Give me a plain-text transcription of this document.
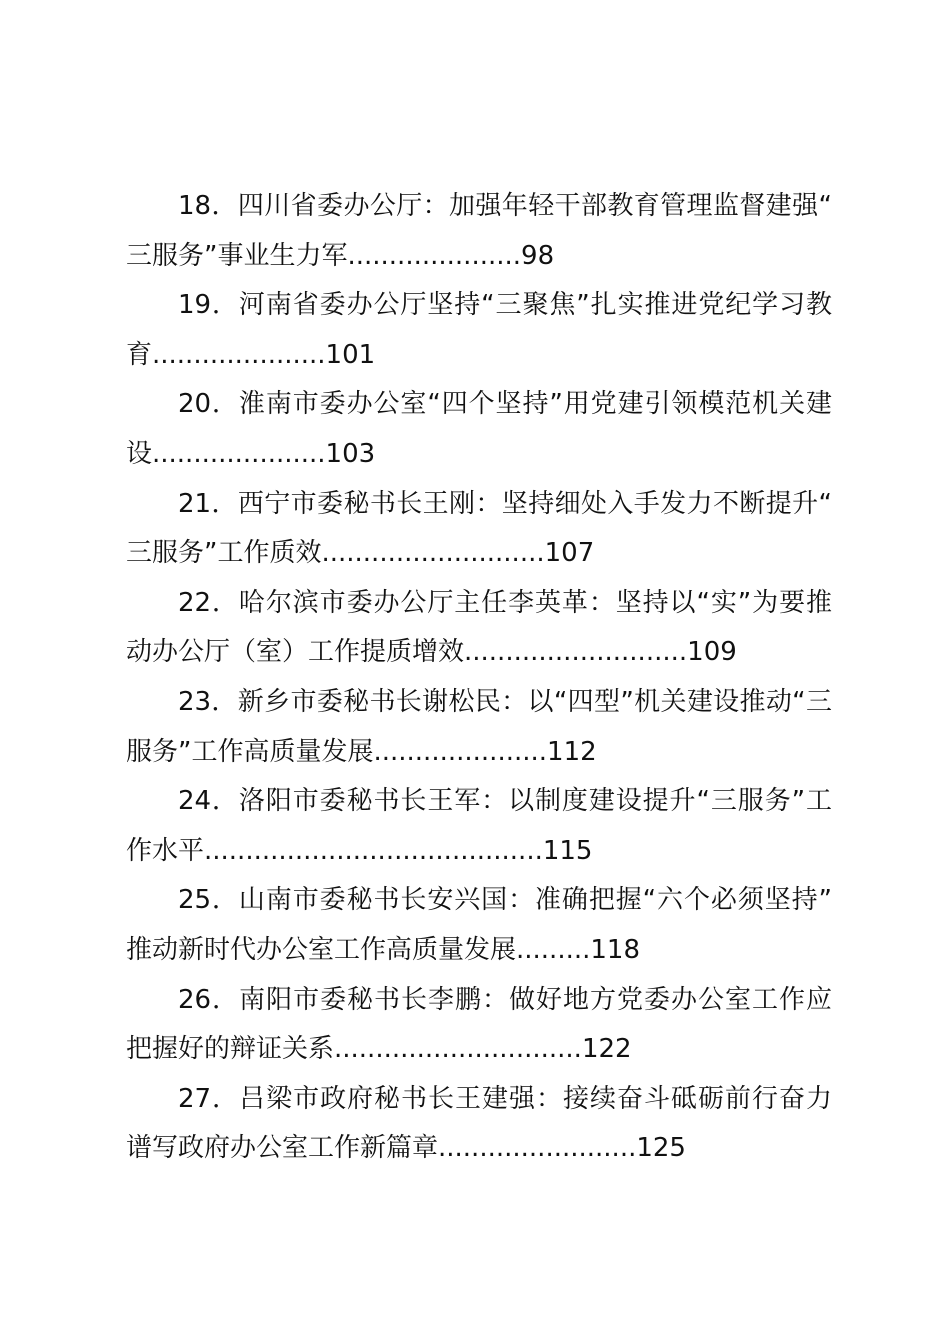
18．四川省委办公厅：加强年轻干部教育管理监督建强“三服务”事业生力军.....................98

19．河南省委办公厅坚持“三聚焦”扎实推进党纪学习教育.....................101

20．淮南市委办公室“四个坚持”用党建引领模范机关建设.....................103

21．西宁市委秘书长王刚：坚持细处入手发力不断提升“三服务”工作质效...........................107

22．哈尔滨市委办公厅主任李英革：坚持以“实”为要推动办公厅（室）工作提质增效...........................109

23．新乡市委秘书长谢松民：以“四型”机关建设推动“三服务”工作高质量发展.....................112

24．洛阳市委秘书长王军：以制度建设提升“三服务”工作水平.........................................115

25．山南市委秘书长安兴国：准确把握“六个必须坚持”推动新时代办公室工作高质量发展.........118

26．南阳市委秘书长李鹏：做好地方党委办公室工作应把握好的辩证关系..............................122

27．吕梁市政府秘书长王建强：接续奋斗砥砺前行奋力谱写政府办公室工作新篇章........................125
